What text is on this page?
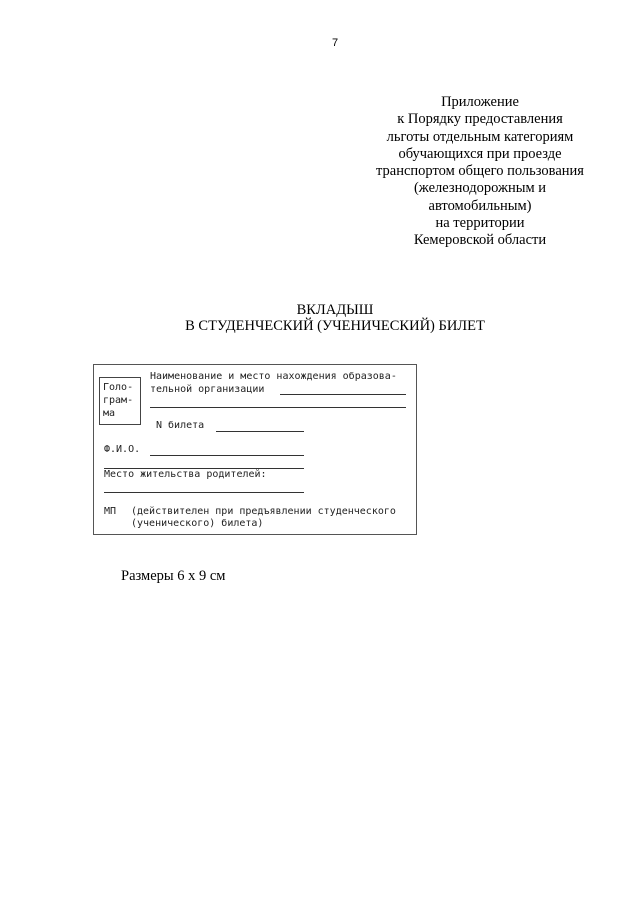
7
Приложение
к Порядку предоставления
льготы отдельным категориям
обучающихся при проезде
транспортом общего пользования
(железнодорожным и
автомобильным)
на территории
Кемеровской области
ВКЛАДЫШ
В СТУДЕНЧЕСКИЙ (УЧЕНИЧЕСКИЙ) БИЛЕТ
Голо-
грам-
ма
Наименование и место нахождения образова-
тельной организации
N билета
Ф.И.О.
Место жительства родителей:
МП (действителен при предъявлении студенческого
(ученического) билета)
Размеры 6 х 9 см
